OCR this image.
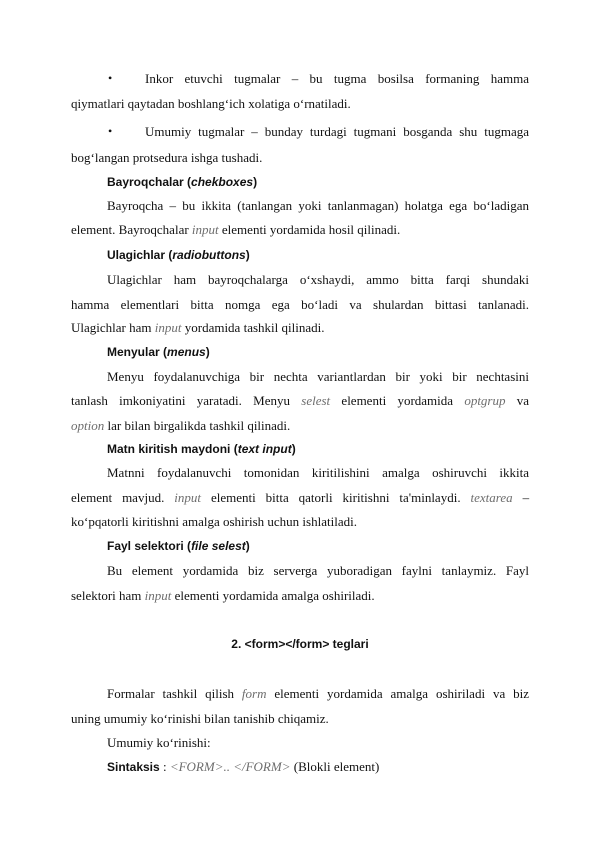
•	Inkor etuvchi tugmalar – bu tugma bosilsa formaning hamma
qiymatlari qaytadan boshlang‘ich xolatiga o‘rnatiladi.
•	Umumiy tugmalar – bunday turdagi tugmani bosganda shu tugmaga
bog‘langan protsedura ishga tushadi.
Bayroqchalar (chekboxes)
Bayroqcha – bu ikkita (tanlangan yoki tanlanmagan) holatga ega bo‘ladigan
element. Bayroqchalar input elementi yordamida hosil qilinadi.
Ulagichlar (radiobuttons)
Ulagichlar ham bayroqchalarga o‘xshaydi, ammo bitta farqi shundaki
hamma elementlari bitta nomga ega bo‘ladi va shulardan bittasi tanlanadi.
Ulagichlar ham input yordamida tashkil qilinadi.
Menyular (menus)
Menyu foydalanuvchiga bir nechta variantlardan bir yoki bir nechtasini
tanlash imkoniyatini yaratadi. Menyu selest elementi yordamida optgrup va
option lar bilan birgalikda tashkil qilinadi.
Matn kiritish maydoni (text input)
Matnni foydalanuvchi tomonidan kiritilishini amalga oshiruvchi ikkita
element mavjud. input elementi bitta qatorli kiritishni ta'minlaydi. textarea –
ko‘pqatorli kiritishni amalga oshirish uchun ishlatiladi.
Fayl selektori (file selest)
Bu element yordamida biz serverga yuboradigan faylni tanlaymiz. Fayl
selektori ham input elementi yordamida amalga oshiriladi.
2. <form></form> teglari
Formalar tashkil qilish form elementi yordamida amalga oshiriladi va biz
uning umumiy ko‘rinishi bilan tanishib chiqamiz.
Umumiy ko‘rinishi:
Sintaksis : <FORM>.. </FORM> (Blokli element)
